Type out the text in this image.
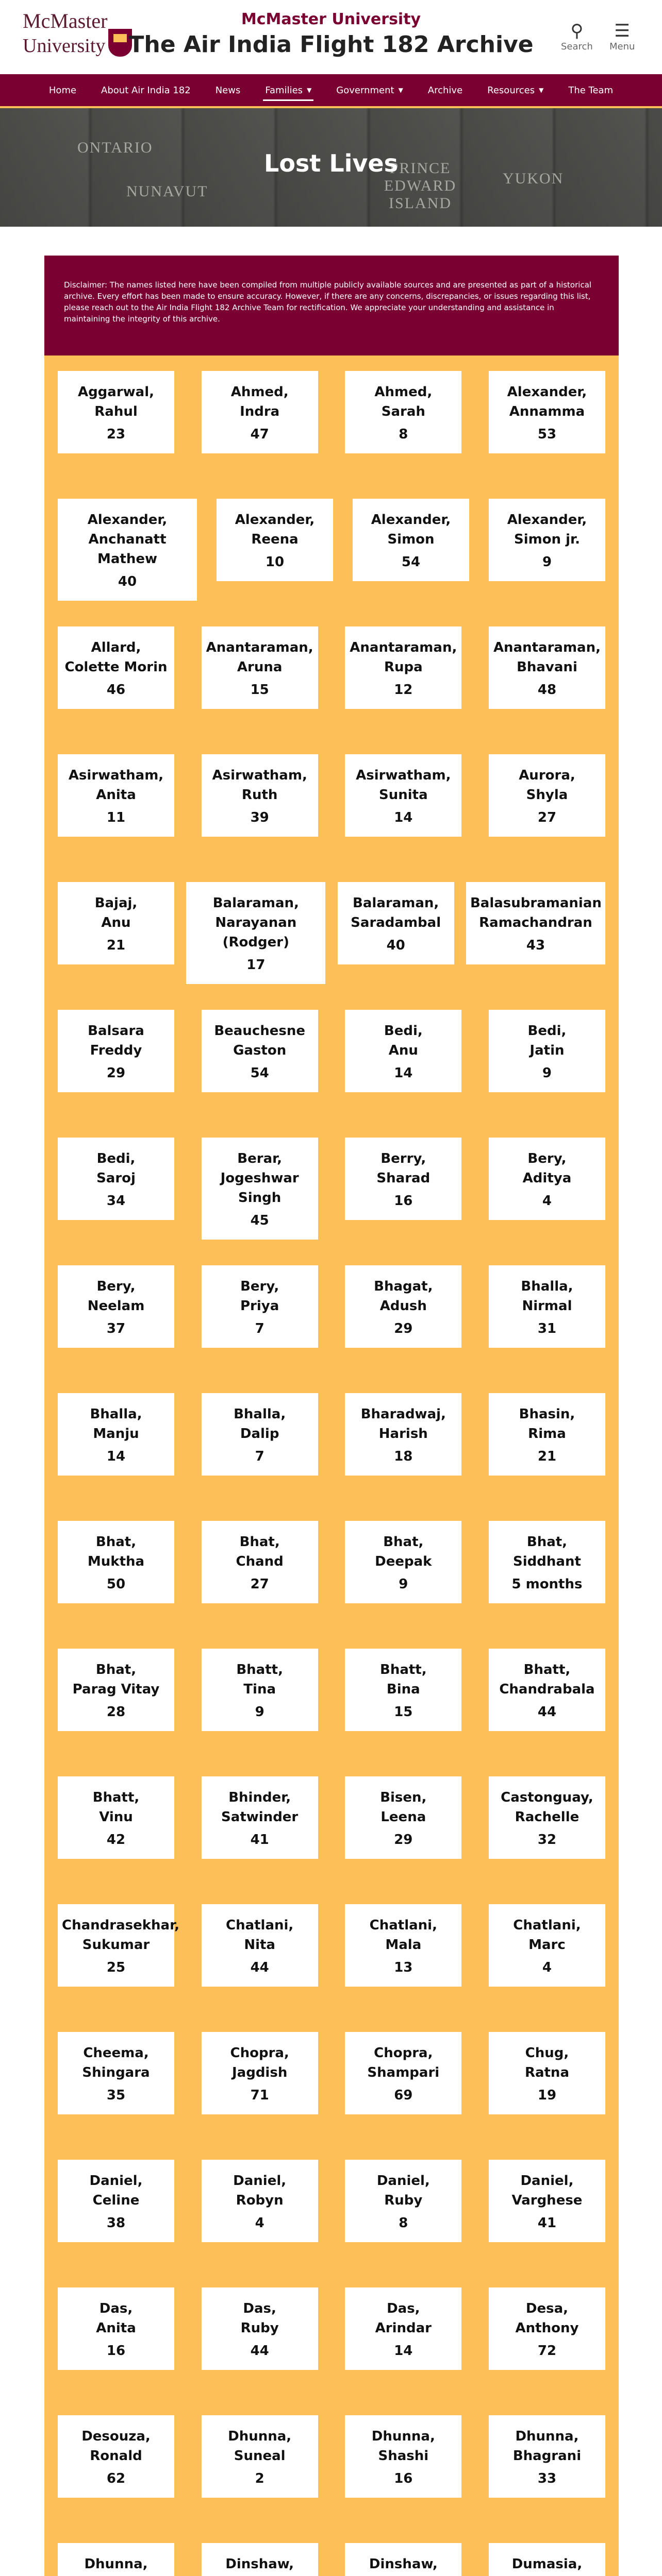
McMaster
University
McMaster University
The Air India Flight 182 Archive
⚲
Search
☰
Menu
Home	About Air India 182	News	Families ▼	Government ▼	Archive	Resources ▼	The Team
ONTARIO
NUNAVUT
PRINCE EDWARD ISLAND
YUKON
Lost Lives
Disclaimer: The names listed here have been compiled from multiple publicly available sources and are presented as part of a historical archive. Every effort has been made to ensure accuracy. However, if there are any concerns, discrepancies, or issues regarding this list, please reach out to the Air India Flight 182 Archive Team for rectification. We appreciate your understanding and assistance in maintaining the integrity of this archive.
Aggarwal,
Rahul
23
Ahmed,
Indra
47
Ahmed,
Sarah
8
Alexander,
Annamma
53
Alexander,
Anchanatt Mathew
40
Alexander,
Reena
10
Alexander,
Simon
54
Alexander,
Simon jr.
9
Allard,
Colette Morin
46
Anantaraman,
Aruna
15
Anantaraman,
Rupa
12
Anantaraman,
Bhavani
48
Asirwatham,
Anita
11
Asirwatham,
Ruth
39
Asirwatham,
Sunita
14
Aurora,
Shyla
27
Bajaj,
Anu
21
Balaraman,
Narayanan (Rodger)
17
Balaraman,
Saradambal
40
Balasubramanian
Ramachandran
43
Balsara
Freddy
29
Beauchesne
Gaston
54
Bedi,
Anu
14
Bedi,
Jatin
9
Bedi,
Saroj
34
Berar,
Jogeshwar Singh
45
Berry,
Sharad
16
Bery,
Aditya
4
Bery,
Neelam
37
Bery,
Priya
7
Bhagat,
Adush
29
Bhalla,
Nirmal
31
Bhalla,
Manju
14
Bhalla,
Dalip
7
Bharadwaj,
Harish
18
Bhasin,
Rima
21
Bhat,
Muktha
50
Bhat,
Chand
27
Bhat,
Deepak
9
Bhat,
Siddhant
5 months
Bhat,
Parag Vitay
28
Bhatt,
Tina
9
Bhatt,
Bina
15
Bhatt,
Chandrabala
44
Bhatt,
Vinu
42
Bhinder,
Satwinder
41
Bisen,
Leena
29
Castonguay,
Rachelle
32
Chandrasekhar,
Sukumar
25
Chatlani,
Nita
44
Chatlani,
Mala
13
Chatlani,
Marc
4
Cheema,
Shingara
35
Chopra,
Jagdish
71
Chopra,
Shampari
69
Chug,
Ratna
19
Daniel,
Celine
38
Daniel,
Robyn
4
Daniel,
Ruby
8
Daniel,
Varghese
41
Das,
Anita
16
Das,
Ruby
44
Das,
Arindar
14
Desa,
Anthony
72
Desouza,
Ronald
62
Dhunna,
Suneal
2
Dhunna,
Shashi
16
Dhunna,
Bhagrani
33
Dhunna,	Dinshaw,	Dinshaw,	Dumasia,
